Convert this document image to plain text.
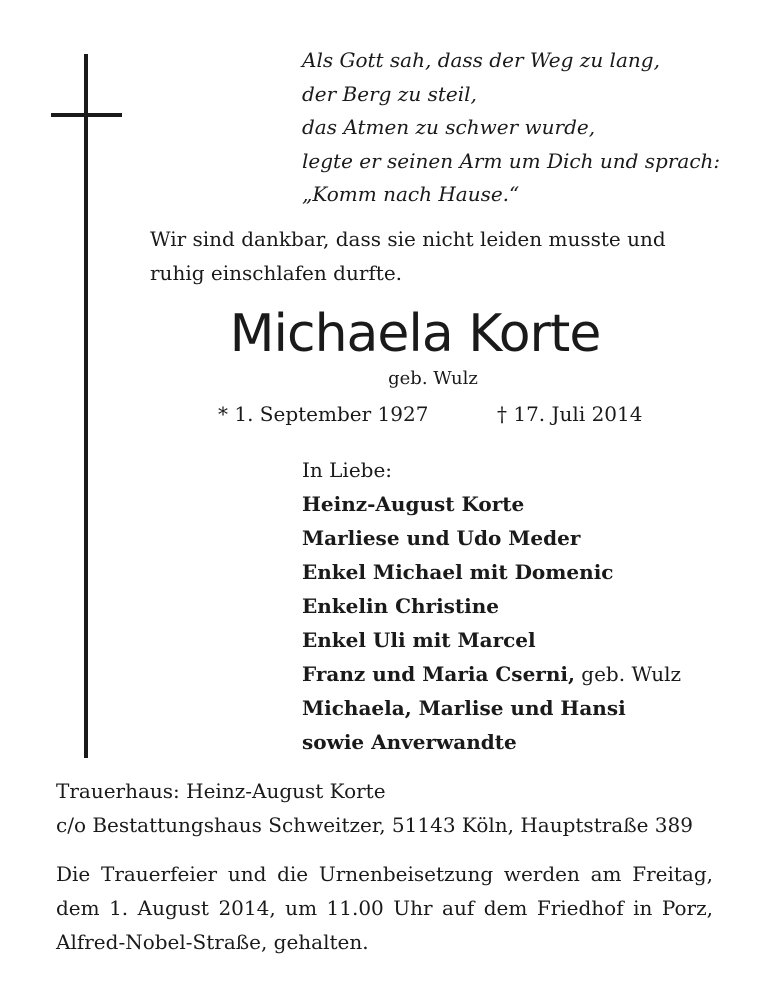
Als Gott sah, dass der Weg zu lang,
der Berg zu steil,
das Atmen zu schwer wurde,
legte er seinen Arm um Dich und sprach:
„Komm nach Hause.“
Wir sind dankbar, dass sie nicht leiden musste und ruhig einschlafen durfte.
Michaela Korte
geb. Wulz
* 1. September 1927	† 17. Juli 2014
In Liebe:
Heinz-August Korte
Marliese und Udo Meder
Enkel Michael mit Domenic
Enkelin Christine
Enkel Uli mit Marcel
Franz und Maria Cserni, geb. Wulz
Michaela, Marlise und Hansi
sowie Anverwandte
Trauerhaus: Heinz-August Korte
c/o Bestattungshaus Schweitzer, 51143 Köln, Hauptstraße 389
Die Trauerfeier und die Urnenbeisetzung werden am Freitag, dem 1. August 2014, um 11.00 Uhr auf dem Friedhof in Porz, Alfred-Nobel-Straße, gehalten.
